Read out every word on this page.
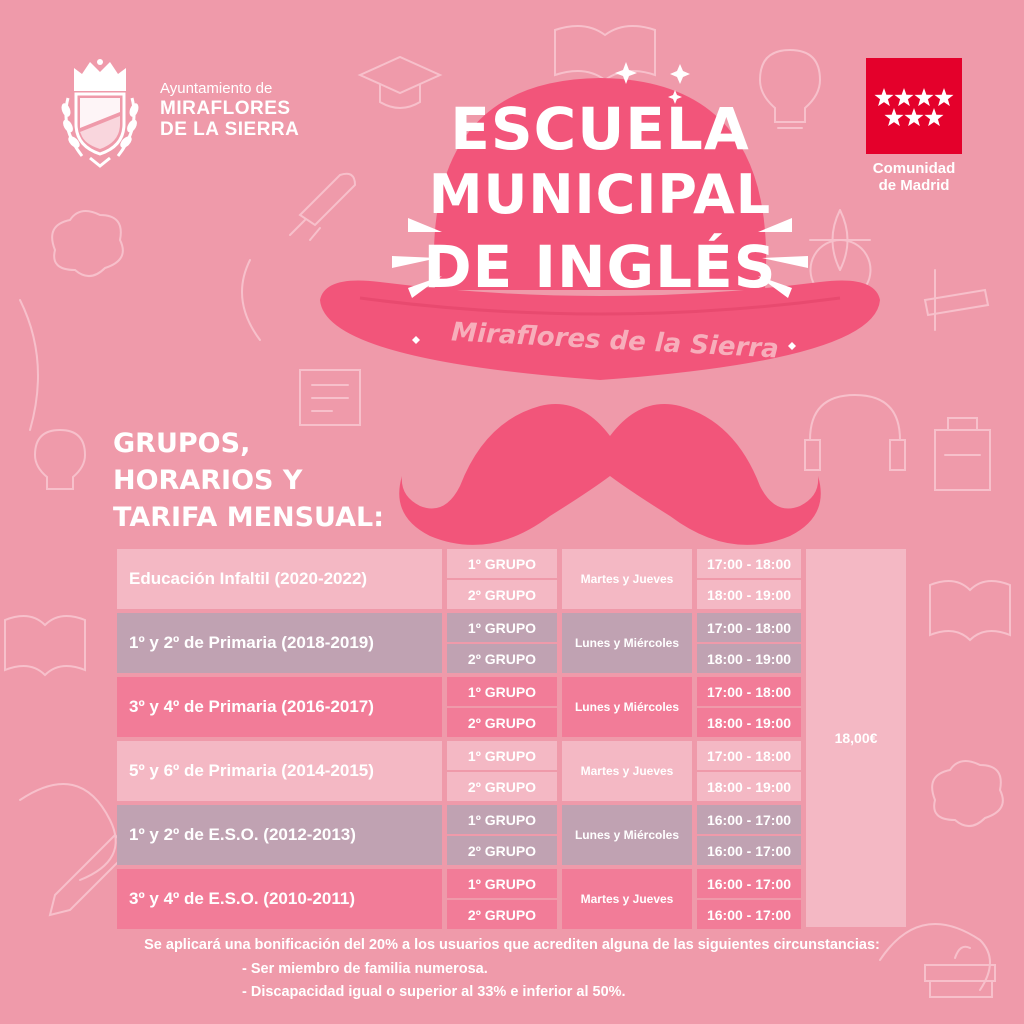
Ayuntamiento de
MIRAFLORES
DE LA SIERRA
Comunidad
de Madrid
ESCUELA
MUNICIPAL
DE INGLÉS
Miraflores de la Sierra
GRUPOS,
HORARIOS Y
TARIFA MENSUAL:
18,00€
Educación Infaltil (2020-2022)	Martes y Jueves
1º GRUPO	17:00 - 18:00
2º GRUPO	18:00 - 19:00
1º y 2º de Primaria (2018-2019)	Lunes y Miércoles
1º GRUPO	17:00 - 18:00
2º GRUPO	18:00 - 19:00
3º y 4º de Primaria (2016-2017)	Lunes y Miércoles
1º GRUPO	17:00 - 18:00
2º GRUPO	18:00 - 19:00
5º y 6º de Primaria (2014-2015)	Martes y Jueves
1º GRUPO	17:00 - 18:00
2º GRUPO	18:00 - 19:00
1º y 2º de E.S.O. (2012-2013)	Lunes y Miércoles
1º GRUPO	16:00 - 17:00
2º GRUPO	16:00 - 17:00
3º y 4º de E.S.O. (2010-2011)	Martes y Jueves
1º GRUPO	16:00 - 17:00
2º GRUPO	16:00 - 17:00
Se aplicará una bonificación del 20% a los usuarios que acrediten alguna de las siguientes circunstancias:
- Ser miembro de familia numerosa.
- Discapacidad igual o superior al 33% e inferior al 50%.
